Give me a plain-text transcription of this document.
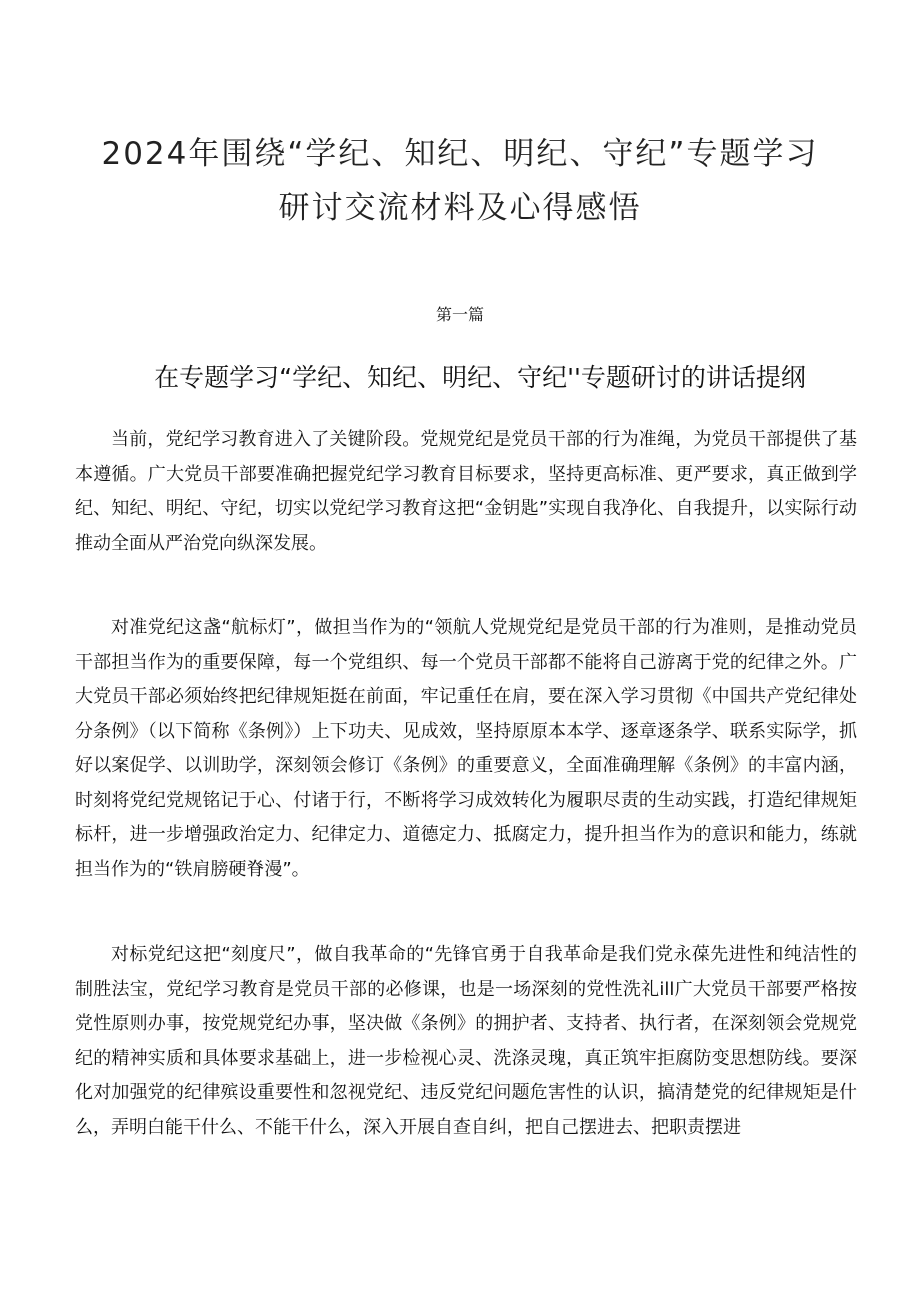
2024年围绕“学纪、知纪、明纪、守纪”专题学习
研讨交流材料及心得感悟
第一篇
在专题学习“学纪、知纪、明纪、守纪''专题研讨的讲话提纲

当前，党纪学习教育进入了关键阶段。党规党纪是党员干部的行为准绳，为党员干部提供了基本遵循。广大党员干部要准确把握党纪学习教育目标要求，坚持更高标准、更严要求，真正做到学纪、知纪、明纪、守纪，切实以党纪学习教育这把“金钥匙”实现自我净化、自我提升，以实际行动推动全面从严治党向纵深发展。

对准党纪这盏“航标灯”，做担当作为的“领航人党规党纪是党员干部的行为准则，是推动党员干部担当作为的重要保障，每一个党组织、每一个党员干部都不能将自己游离于党的纪律之外。广大党员干部必须始终把纪律规矩挺在前面，牢记重任在肩，要在深入学习贯彻《中国共产党纪律处分条例》（以下简称《条例》）上下功夫、见成效，坚持原原本本学、逐章逐条学、联系实际学，抓好以案促学、以训助学，深刻领会修订《条例》的重要意义，全面准确理解《条例》的丰富内涵，时刻将党纪党规铭记于心、付诸于行，不断将学习成效转化为履职尽责的生动实践，打造纪律规矩标杆，进一步增强政治定力、纪律定力、道德定力、抵腐定力，提升担当作为的意识和能力，练就担当作为的“铁肩膀硬脊漫”。

对标党纪这把“刻度尺”，做自我革命的“先锋官勇于自我革命是我们党永葆先进性和纯洁性的制胜法宝，党纪学习教育是党员干部的必修课，也是一场深刻的党性洗礼ill广大党员干部要严格按党性原则办事，按党规党纪办事，坚决做《条例》的拥护者、支持者、执行者，在深刻领会党规党纪的精神实质和具体要求基础上，进一步检视心灵、洗涤灵瑰，真正筑牢拒腐防变思想防线。要深化对加强党的纪律殡设重要性和忽视党纪、违反党纪问题危害性的认识，搞清楚党的纪律规矩是什么，弄明白能干什么、不能干什么，深入开展自查自纠，把自己摆进去、把职责摆进
